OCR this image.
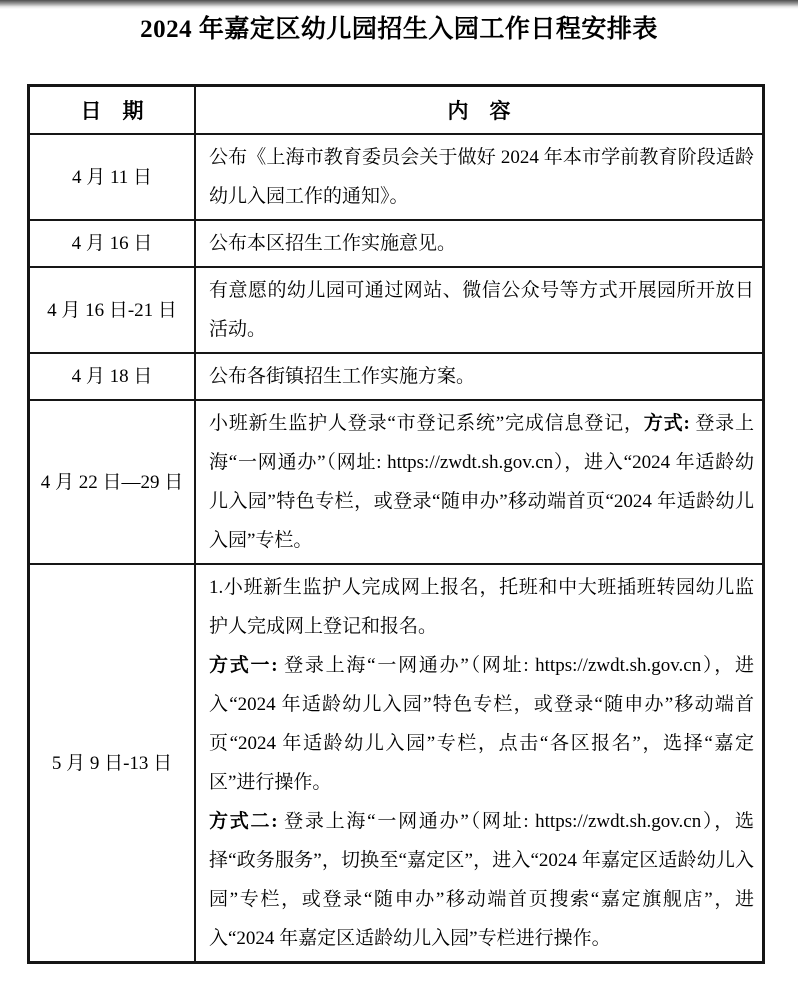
2024 年嘉定区幼儿园招生入园工作日程安排表
日　期	内　容
4 月 11 日	公布《上海市教育委员会关于做好 2024 年本市学前教育阶段适龄幼儿入园工作的通知》。

4 月 16 日	公布本区招生工作实施意见。

4 月 16 日-21 日	有意愿的幼儿园可通过网站、微信公众号等方式开展园所开放日活动。

4 月 18 日	公布各街镇招生工作实施方案。

4 月 22 日—29 日	小班新生监护人登录“市登记系统”完成信息登记，方式: 登录上海“一网通办”（网址: https://zwdt.sh.gov.cn），进入“2024 年适龄幼儿入园”特色专栏，或登录“随申办”移动端首页“2024 年适龄幼儿入园”专栏。

5 月 9 日-13 日	1.小班新生监护人完成网上报名，托班和中大班插班转园幼儿监护人完成网上登记和报名。

方式一: 登录上海“一网通办”（网址: https://zwdt.sh.gov.cn），进入“2024 年适龄幼儿入园”特色专栏，或登录“随申办”移动端首页“2024 年适龄幼儿入园”专栏，点击“各区报名”，选择“嘉定区”进行操作。

方式二: 登录上海“一网通办”（网址: https://zwdt.sh.gov.cn），选择“政务服务”，切换至“嘉定区”，进入“2024 年嘉定区适龄幼儿入园”专栏，或登录“随申办”移动端首页搜索“嘉定旗舰店”，进入“2024 年嘉定区适龄幼儿入园”专栏进行操作。
